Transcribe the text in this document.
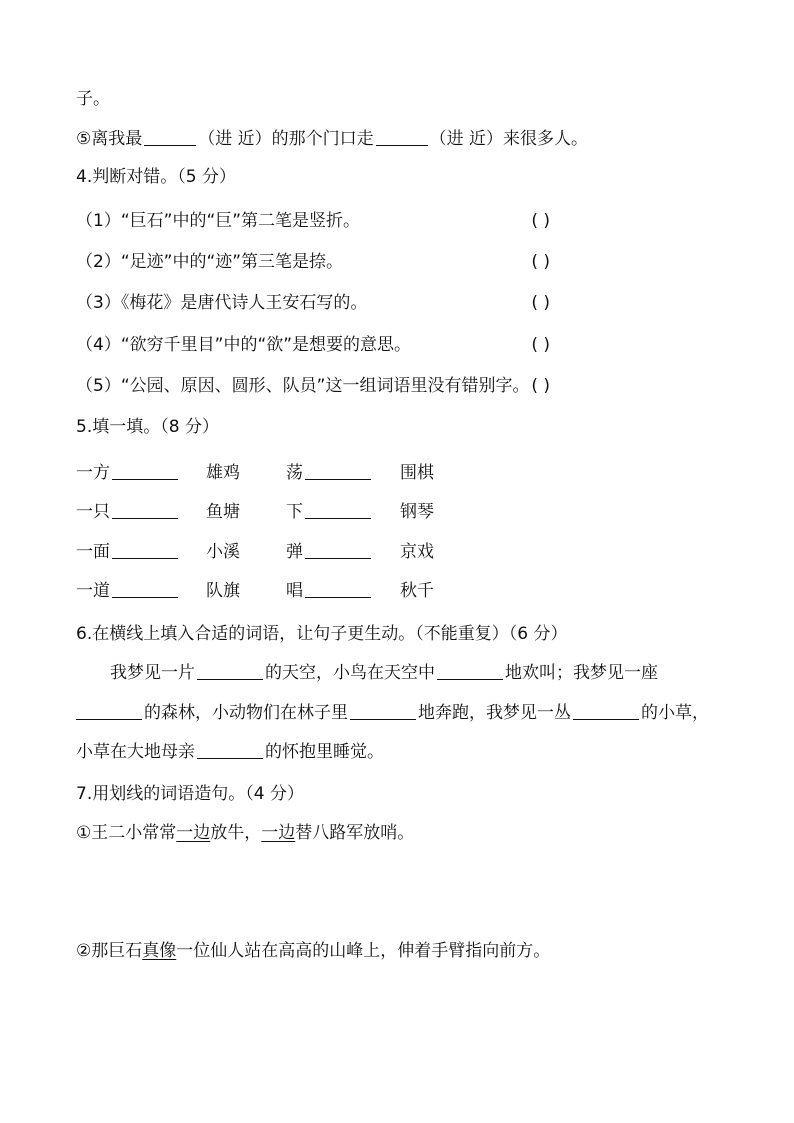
子。
⑤离我最	（进 近）的那个门口走	（进 近）来很多人。
4.判断对错。（5 分）
（1）“巨石”中的“巨”第二笔是竖折。	( )
（2）“足迹”中的“迹”第三笔是捺。	( )
（3）《梅花》是唐代诗人王安石写的。	( )
（4）“欲穷千里目”中的“欲”是想要的意思。	( )
（5）“公园、原因、圆形、队员”这一组词语里没有错别字。 ( )
5.填一填。（8 分）
一方	雄鸡	荡	围棋
一只	鱼塘	下	钢琴
一面	小溪	弹	京戏
一道	队旗	唱	秋千
6.在横线上填入合适的词语，让句子更生动。（不能重复）（6 分）
我梦见一片	的天空，小鸟在天空中	地欢叫；我梦见一座
的森林，小动物们在林子里	地奔跑，我梦见一丛	的小草，
小草在大地母亲	的怀抱里睡觉。
7.用划线的词语造句。（4 分）
①王二小常常一边放牛，一边替八路军放哨。
②那巨石真像一位仙人站在高高的山峰上，伸着手臂指向前方。
